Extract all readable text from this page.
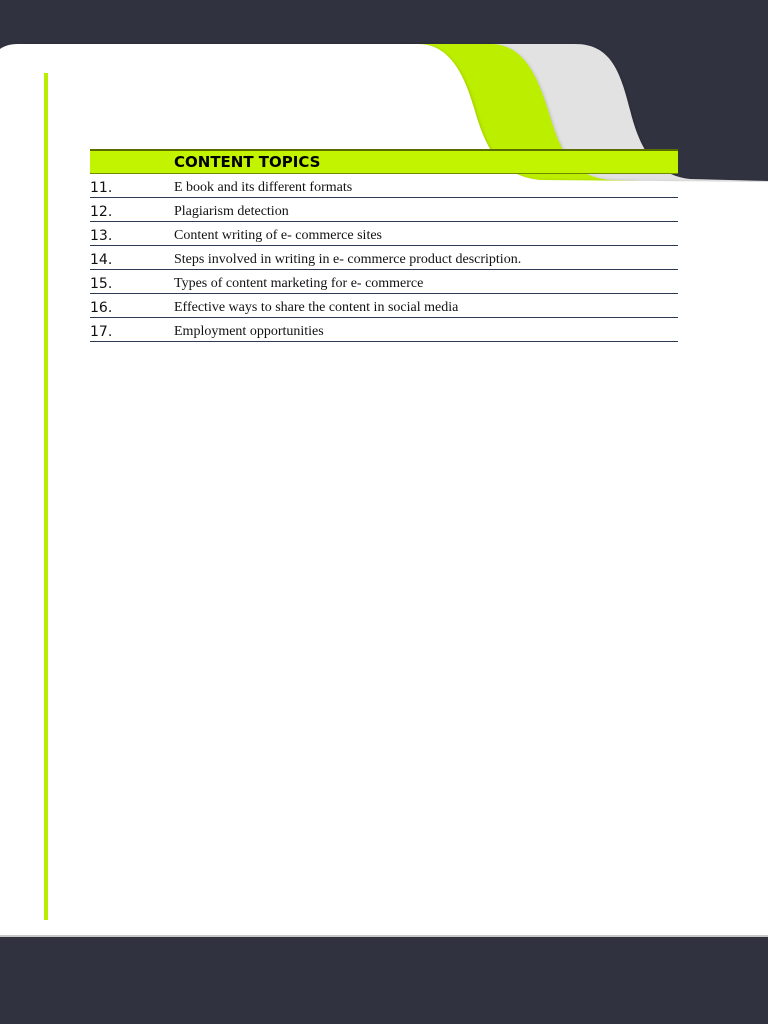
	CONTENT TOPICS
11.	E book and its different formats
12.	Plagiarism detection
13.	Content writing of e- commerce sites
14.	Steps involved in writing in e- commerce product description.
15.	Types of content marketing for e- commerce
16.	Effective ways to share the content in social media
17.	Employment opportunities
